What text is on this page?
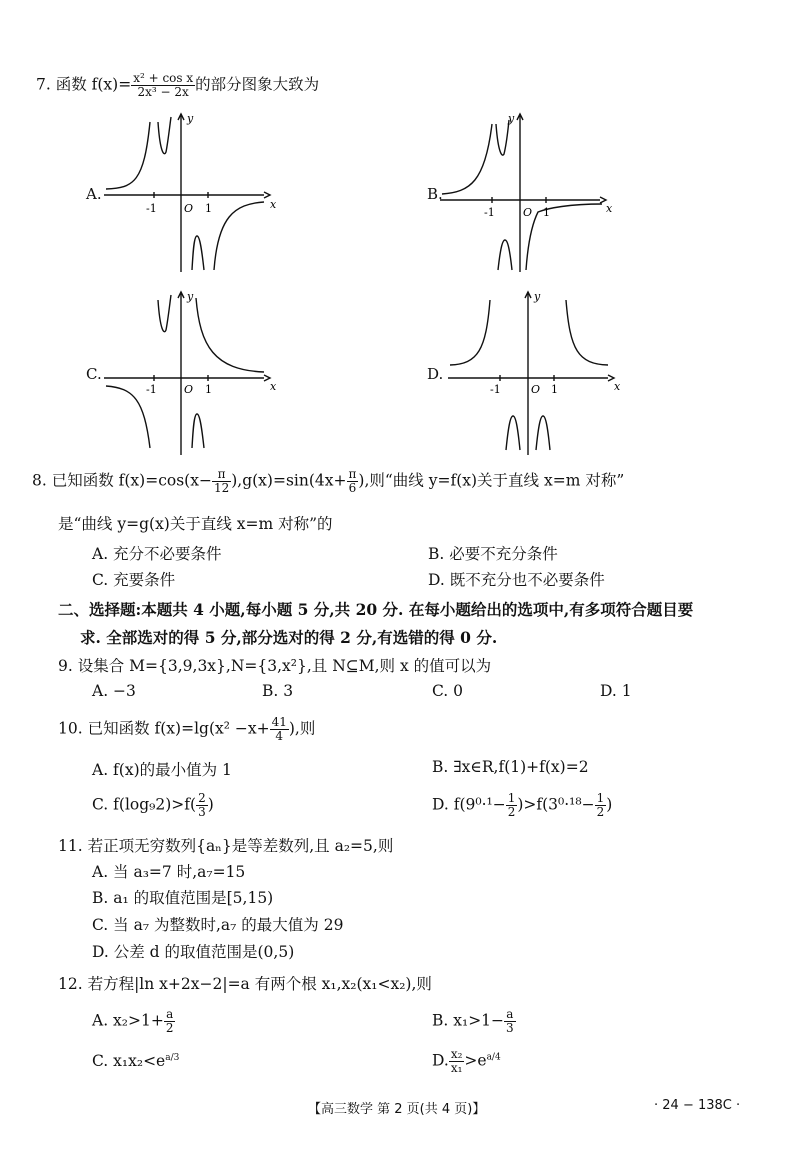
7. 函数 $f(x)= \frac{\text{x² + cos x}}{\text{2x³ − 2x}}$ 的部分图象大致为
A.
-1 O 1	x
y
B.
-1	O 1	x
y
C.
-1 O 1	x
y
D.
-1	O 1	x
y
8. 已知函数 $f(x)=\cos(x- \frac{\pi}{12} ),g(x)=\sin(4x+ \frac{\pi}{6}$ ),则“曲线 y=f(x)关于直线 x=m 对称”
是“曲线 y=g(x)关于直线 x=m 对称”的
A. 充分不必要条件	B. 必要不充分条件
C. 充要条件	D. 既不充分也不必要条件
二、选择题:本题共 4 小题,每小题 5 分,共 20 分. 在每小题给出的选项中,有多项符合题目要
求. 全部选对的得 5 分,部分选对的得 2 分,有选错的得 0 分.
9. 设集合 M={3,9,3x},N={3,x²},且 N⊆M,则 x 的值可以为
A. −3	B. 3	C. 0	D. 1
10. 已知函数 $f(x)=\lg(x^2 -x+ \frac{41}{4}$ ),则
A. f(x)的最小值为 1	B. ∃x∈R,f(1)+f(x)=2
C. $f(\log_92)>f( \frac{2}{3}$ )	D. $f(9^0\cdot^1- \frac{1}{2} )>f(3^0\cdot^{18}- \frac{1}{2}$ )
11. 若正项无穷数列{aₙ}是等差数列,且 a₂=5,则
A. 当 a₃=7 时,a₇=15
B. a₁ 的取值范围是[5,15)
C. 当 a₇ 为整数时,a₇ 的最大值为 29
D. 公差 d 的取值范围是(0,5)
12. 若方程|ln x+2x−2|=a 有两个根 x₁,x₂(x₁<x₂),则
A. $x_2>1+ \frac{a}{2}$	B. $x_1>1- \frac{a}{3}$
C. $x_1x_2<e^{a/3}$	D. $\frac{\text{x₂}}{\text{x₁}} >e^{a/4}$
【高三数学 第 2 页(共 4 页)】	· 24 − 138C ·
